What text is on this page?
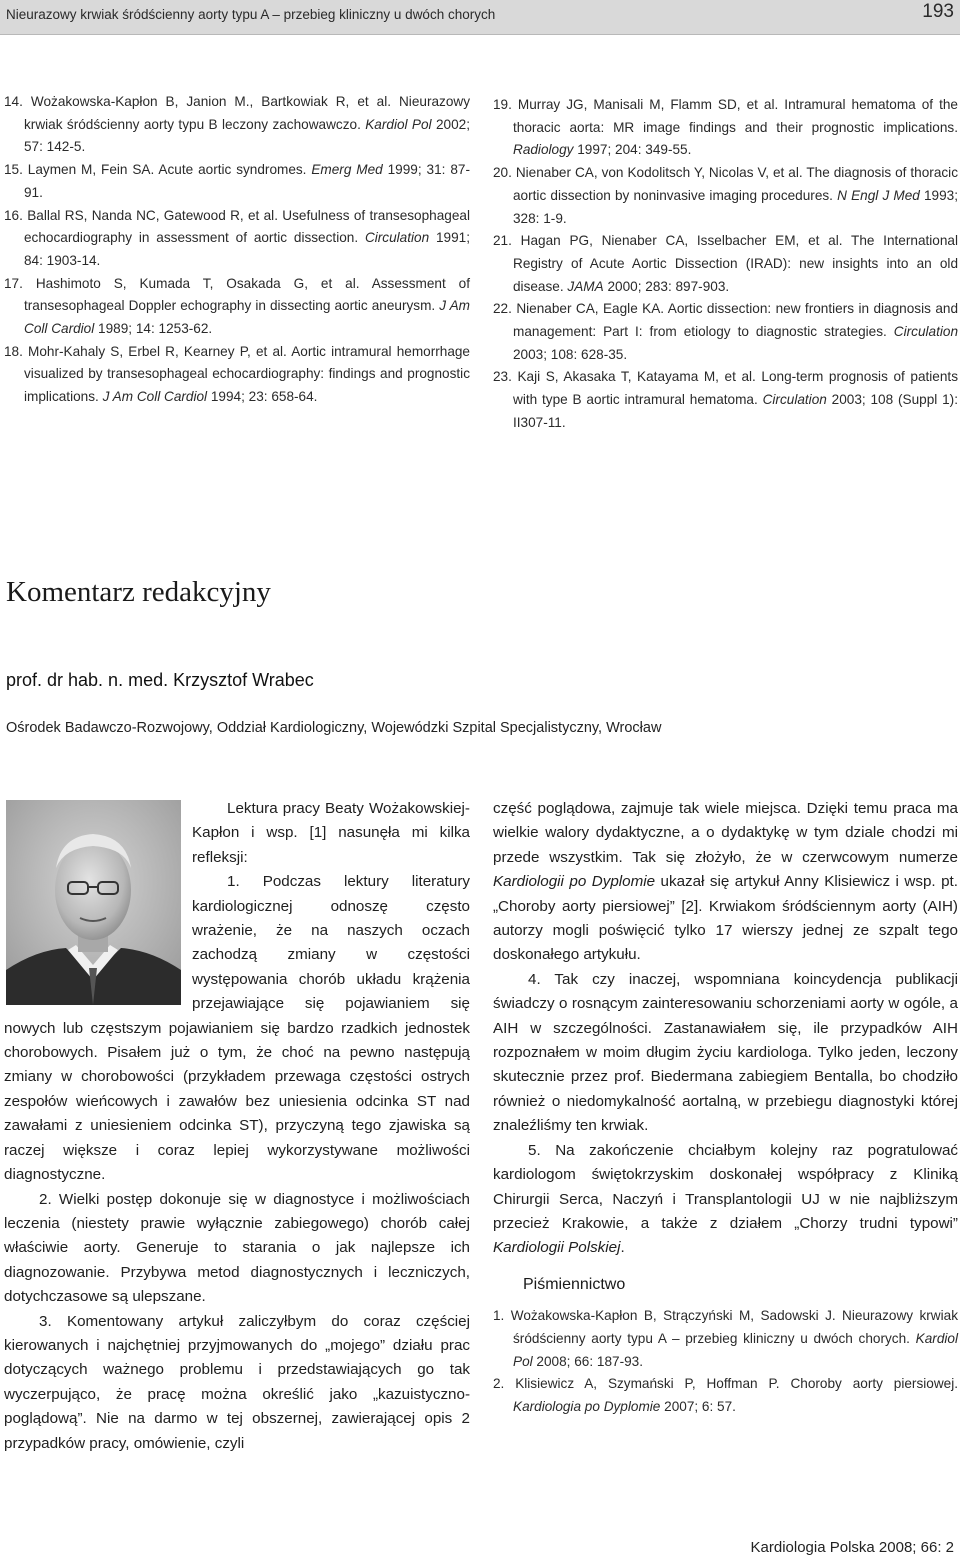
Nieurazowy krwiak śródścienny aorty typu A – przebieg kliniczny u dwóch chorych	193

14. Wożakowska-Kapłon B, Janion M., Bartkowiak R, et al. Nieurazowy krwiak śródścienny aorty typu B leczony zachowawczo. Kardiol Pol 2002; 57: 142-5.

15. Laymen M, Fein SA. Acute aortic syndromes. Emerg Med 1999; 31: 87-91.

16. Ballal RS, Nanda NC, Gatewood R, et al. Usefulness of transesophageal echocardiography in assessment of aortic dissection. Circulation 1991; 84: 1903-14.

17. Hashimoto S, Kumada T, Osakada G, et al. Assessment of transesophageal Doppler echography in dissecting aortic aneurysm. J Am Coll Cardiol 1989; 14: 1253-62.

18. Mohr-Kahaly S, Erbel R, Kearney P, et al. Aortic intramural hemorrhage visualized by transesophageal echocardiography: findings and prognostic implications. J Am Coll Cardiol 1994; 23: 658-64.

19. Murray JG, Manisali M, Flamm SD, et al. Intramural hematoma of the thoracic aorta: MR image findings and their prognostic implications. Radiology 1997; 204: 349-55.

20. Nienaber CA, von Kodolitsch Y, Nicolas V, et al. The diagnosis of thoracic aortic dissection by noninvasive imaging procedures. N Engl J Med 1993; 328: 1-9.

21. Hagan PG, Nienaber CA, Isselbacher EM, et al. The International Registry of Acute Aortic Dissection (IRAD): new insights into an old disease. JAMA 2000; 283: 897-903.

22. Nienaber CA, Eagle KA. Aortic dissection: new frontiers in diagnosis and management: Part I: from etiology to diagnostic strategies. Circulation 2003; 108: 628-35.

23. Kaji S, Akasaka T, Katayama M, et al. Long-term prognosis of patients with type B aortic intramural hematoma. Circulation 2003; 108 (Suppl 1): II307-11.

Komentarz redakcyjny
prof. dr hab. n. med. Krzysztof Wrabec
Ośrodek Badawczo-Rozwojowy, Oddział Kardiologiczny, Wojewódzki Szpital Specjalistyczny, Wrocław

Lektura pracy Beaty Wożakowskiej-Kapłon i wsp. [1] nasunęła mi kilka refleksji:

1. Podczas lektury literatury kardiologicznej odnoszę często wrażenie, że na naszych oczach zachodzą zmiany w częstości występowania chorób układu krążenia przejawiające się pojawianiem się nowych lub częstszym pojawianiem się bardzo rzadkich jednostek chorobowych. Pisałem już o tym, że choć na pewno następują zmiany w chorobowości (przykładem przewaga częstości ostrych zespołów wieńcowych i zawałów bez uniesienia odcinka ST nad zawałami z uniesieniem odcinka ST), przyczyną tego zjawiska są raczej większe i coraz lepiej wykorzystywane możliwości diagnostyczne.

2. Wielki postęp dokonuje się w diagnostyce i możliwościach leczenia (niestety prawie wyłącznie zabiegowego) chorób całej właściwie aorty. Generuje to starania o jak najlepsze ich diagnozowanie. Przybywa metod diagnostycznych i leczniczych, dotychczasowe są ulepszane.

3. Komentowany artykuł zaliczyłbym do coraz częściej kierowanych i najchętniej przyjmowanych do „mojego” działu prac dotyczących ważnego problemu i przedstawiających go tak wyczerpująco, że pracę można określić jako „kazuistyczno-poglądową”. Nie na darmo w tej obszernej, zawierającej opis 2 przypadków pracy, omówienie, czyli

część poglądowa, zajmuje tak wiele miejsca. Dzięki temu praca ma wielkie walory dydaktyczne, a o dydaktykę w tym dziale chodzi mi przede wszystkim. Tak się złożyło, że w czerwcowym numerze Kardiologii po Dyplomie ukazał się artykuł Anny Klisiewicz i wsp. pt. „Choroby aorty piersiowej” [2]. Krwiakom śródściennym aorty (AIH) autorzy mogli poświęcić tylko 17 wierszy jednej ze szpalt tego doskonałego artykułu.

4. Tak czy inaczej, wspomniana koincydencja publikacji świadczy o rosnącym zainteresowaniu schorzeniami aorty w ogóle, a AIH w szczególności. Zastanawiałem się, ile przypadków AIH rozpoznałem w moim długim życiu kardiologa. Tylko jeden, leczony skutecznie przez prof. Biedermana zabiegiem Bentalla, bo chodziło również o niedomykalność aortalną, w przebiegu diagnostyki której znaleźliśmy ten krwiak.

5. Na zakończenie chciałbym kolejny raz pogratulować kardiologom świętokrzyskim doskonałej współpracy z Kliniką Chirurgii Serca, Naczyń i Transplantologii UJ w nie najbliższym przecież Krakowie, a także z działem „Chorzy trudni typowi” Kardiologii Polskiej.

Piśmiennictwo

1. Wożakowska-Kapłon B, Strączyński M, Sadowski J. Nieurazowy krwiak śródścienny aorty typu A – przebieg kliniczny u dwóch chorych. Kardiol Pol 2008; 66: 187-93.

2. Klisiewicz A, Szymański P, Hoffman P. Choroby aorty piersiowej. Kardiologia po Dyplomie 2007; 6: 57.

Kardiologia Polska 2008; 66: 2
